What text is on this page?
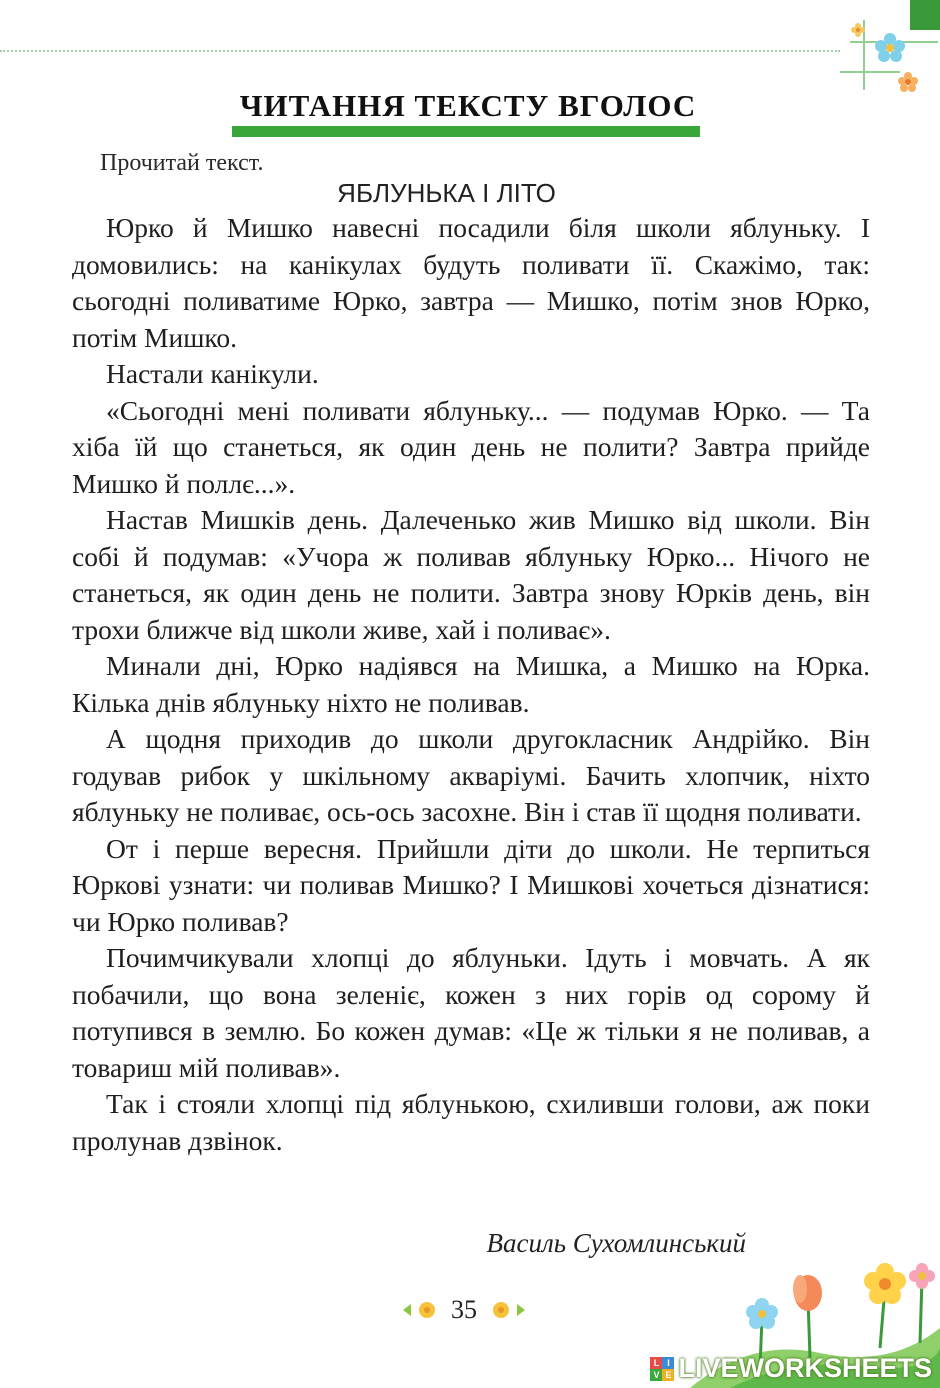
ЧИТАННЯ ТЕКСТУ ВГОЛОС
Прочитай текст.
ЯБЛУНЬКА І ЛІТО

Юрко й Мишко навесні посадили біля школи яблуньку. І домовились: на канікулах будуть поливати її. Скажімо, так: сьогодні поливатиме Юрко, завтра — Мишко, потім знов Юрко, потім Мишко.

Настали канікули.

«Сьогодні мені поливати яблуньку... — подумав Юрко. — Та хіба їй що станеться, як один день не полити? Завтра прийде Мишко й поллє...».

Настав Мишків день. Далеченько жив Мишко від школи. Він собі й подумав: «Учора ж поливав яблуньку Юрко... Нічого не станеться, як один день не полити. Завтра знову Юрків день, він трохи ближче від школи живе, хай і поливає».

Минали дні, Юрко надіявся на Мишка, а Мишко на Юрка. Кілька днів яблуньку ніхто не поливав.

А щодня приходив до школи другокласник Андрійко. Він годував рибок у шкільному акваріумі. Бачить хлопчик, ніхто яблуньку не поливає, ось-ось засохне. Він і став її щодня поливати.

От і перше вересня. Прийшли діти до школи. Не терпиться Юркові узнати: чи поливав Мишко? І Мишкові хочеться дізнатися: чи Юрко поливав?

Почимчикували хлопці до яблуньки. Ідуть і мовчать. А як побачили, що вона зеленіє, кожен з них горів од сорому й потупився в землю. Бо кожен думав: «Це ж тільки я не поливав, а товариш мій поливав».

Так і стояли хлопці під яблунькою, схиливши голови, аж поки пролунав дзвінок.

Василь Сухомлинський
35
L I
V E LIVEWORKSHEETS
